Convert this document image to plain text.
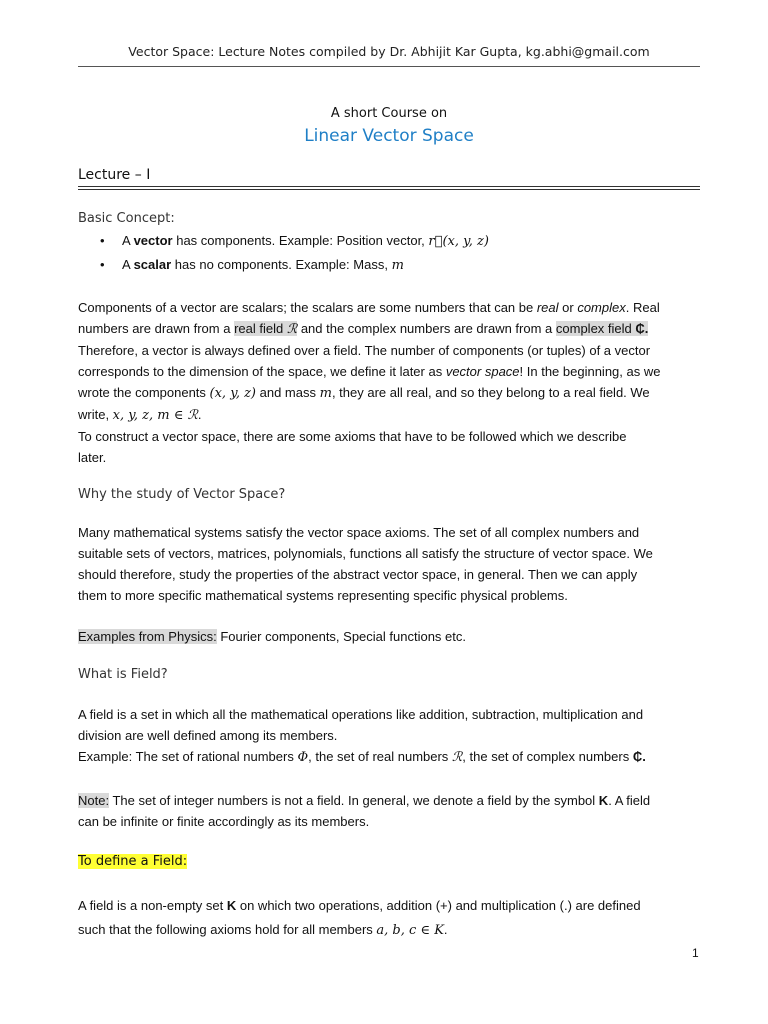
Vector Space: Lecture Notes compiled by Dr. Abhijit Kar Gupta, kg.abhi@gmail.com
A short Course on
Linear Vector Space
Lecture – I
Basic Concept:
• A vector has components. Example: Position vector, r⃗(x, y, z)
• A scalar has no components. Example: Mass, m
Components of a vector are scalars; the scalars are some numbers that can be real or complex. Real
numbers are drawn from a real field ℛ and the complex numbers are drawn from a complex field ₵.
Therefore, a vector is always defined over a field. The number of components (or tuples) of a vector
corresponds to the dimension of the space, we define it later as vector space! In the beginning, as we
wrote the components (x, y, z) and mass m, they are all real, and so they belong to a real field. We
write, x, y, z, m ∈ ℛ.
To construct a vector space, there are some axioms that have to be followed which we describe
later.
Why the study of Vector Space?
Many mathematical systems satisfy the vector space axioms. The set of all complex numbers and
suitable sets of vectors, matrices, polynomials, functions all satisfy the structure of vector space. We
should therefore, study the properties of the abstract vector space, in general. Then we can apply
them to more specific mathematical systems representing specific physical problems.
Examples from Physics: Fourier components, Special functions etc.
What is Field?
A field is a set in which all the mathematical operations like addition, subtraction, multiplication and
division are well defined among its members.
Example: The set of rational numbers Φ, the set of real numbers ℛ, the set of complex numbers ₵.
Note: The set of integer numbers is not a field. In general, we denote a field by the symbol K. A field
can be infinite or finite accordingly as its members.
To define a Field:
A field is a non-empty set K on which two operations, addition (+) and multiplication (.) are defined
such that the following axioms hold for all members a, b, c ∈ K.
1
